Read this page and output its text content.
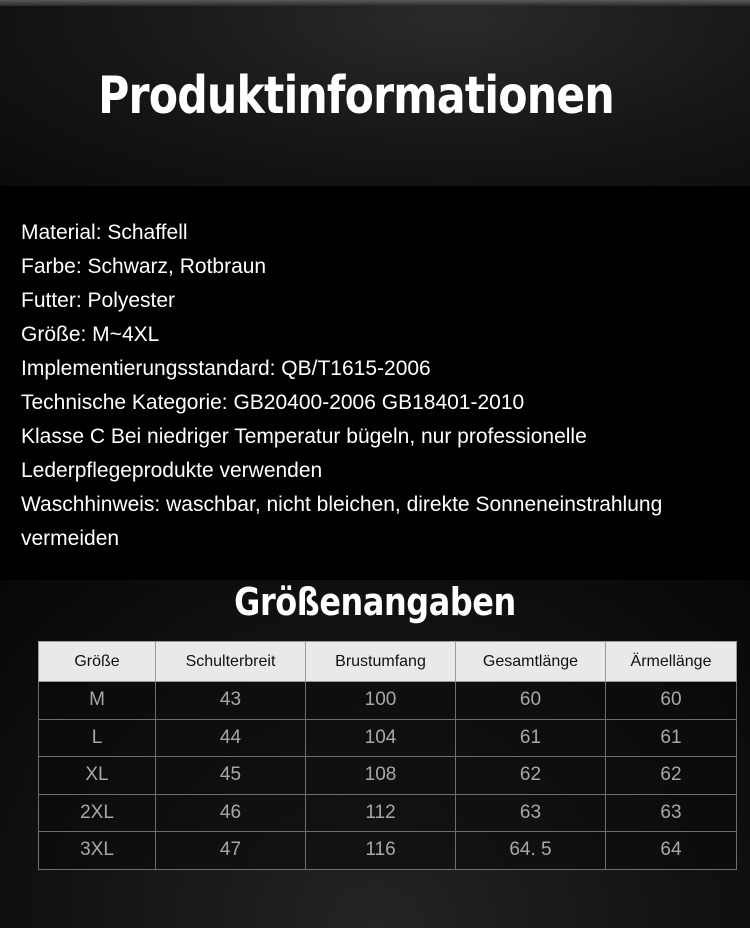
Produktinformationen
Material: Schaffell
Farbe: Schwarz, Rotbraun
Futter: Polyester
Größe: M~4XL
Implementierungsstandard: QB/T1615-2006
Technische Kategorie: GB20400-2006 GB18401-2010
Klasse C Bei niedriger Temperatur bügeln, nur professionelle
Lederpflegeprodukte verwenden
Waschhinweis: waschbar, nicht bleichen, direkte Sonneneinstrahlung
vermeiden
Größenangaben
Größe	Schulterbreit	Brustumfang	Gesamtlänge	Ärmellänge
M	43	100	60	60
L	44	104	61	61
XL	45	108	62	62
2XL	46	112	63	63
3XL	47	116	64. 5	64
